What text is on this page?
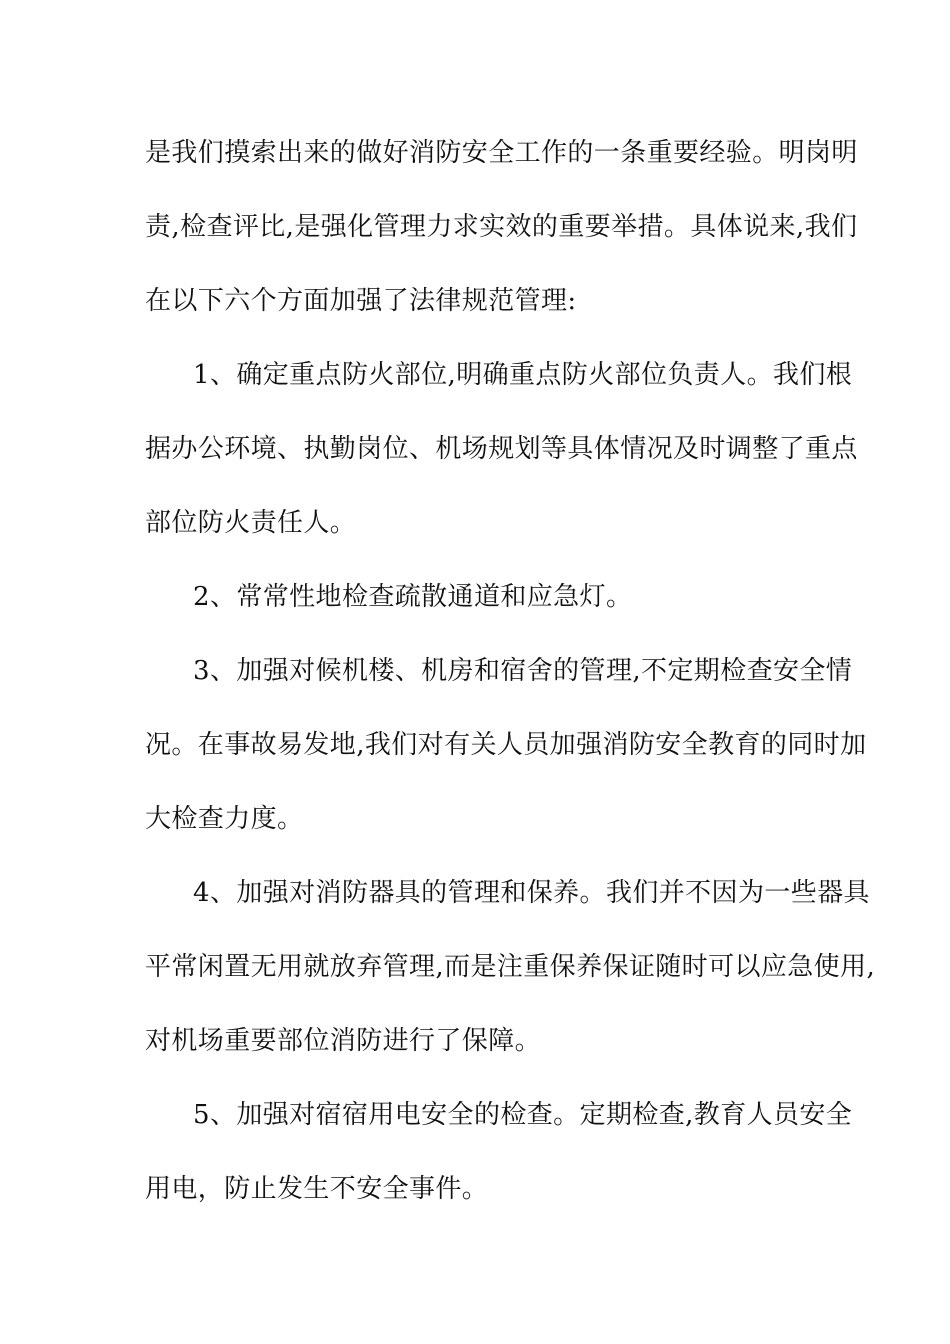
是我们摸索出来的做好消防安全工作的一条重要经验。明岗明
责,检查评比,是强化管理力求实效的重要举措。具体说来,我们
在以下六个方面加强了法律规范管理:
1、确定重点防火部位,明确重点防火部位负责人。我们根
据办公环境、执勤岗位、机场规划等具体情况及时调整了重点
部位防火责任人。
2、常常性地检查疏散通道和应急灯。
3、加强对候机楼、机房和宿舍的管理,不定期检查安全情
况。在事故易发地,我们对有关人员加强消防安全教育的同时加
大检查力度。
4、加强对消防器具的管理和保养。我们并不因为一些器具
平常闲置无用就放弃管理,而是注重保养保证随时可以应急使用,
对机场重要部位消防进行了保障。
5、加强对宿宿用电安全的检查。定期检查,教育人员安全
用电，防止发生不安全事件。
